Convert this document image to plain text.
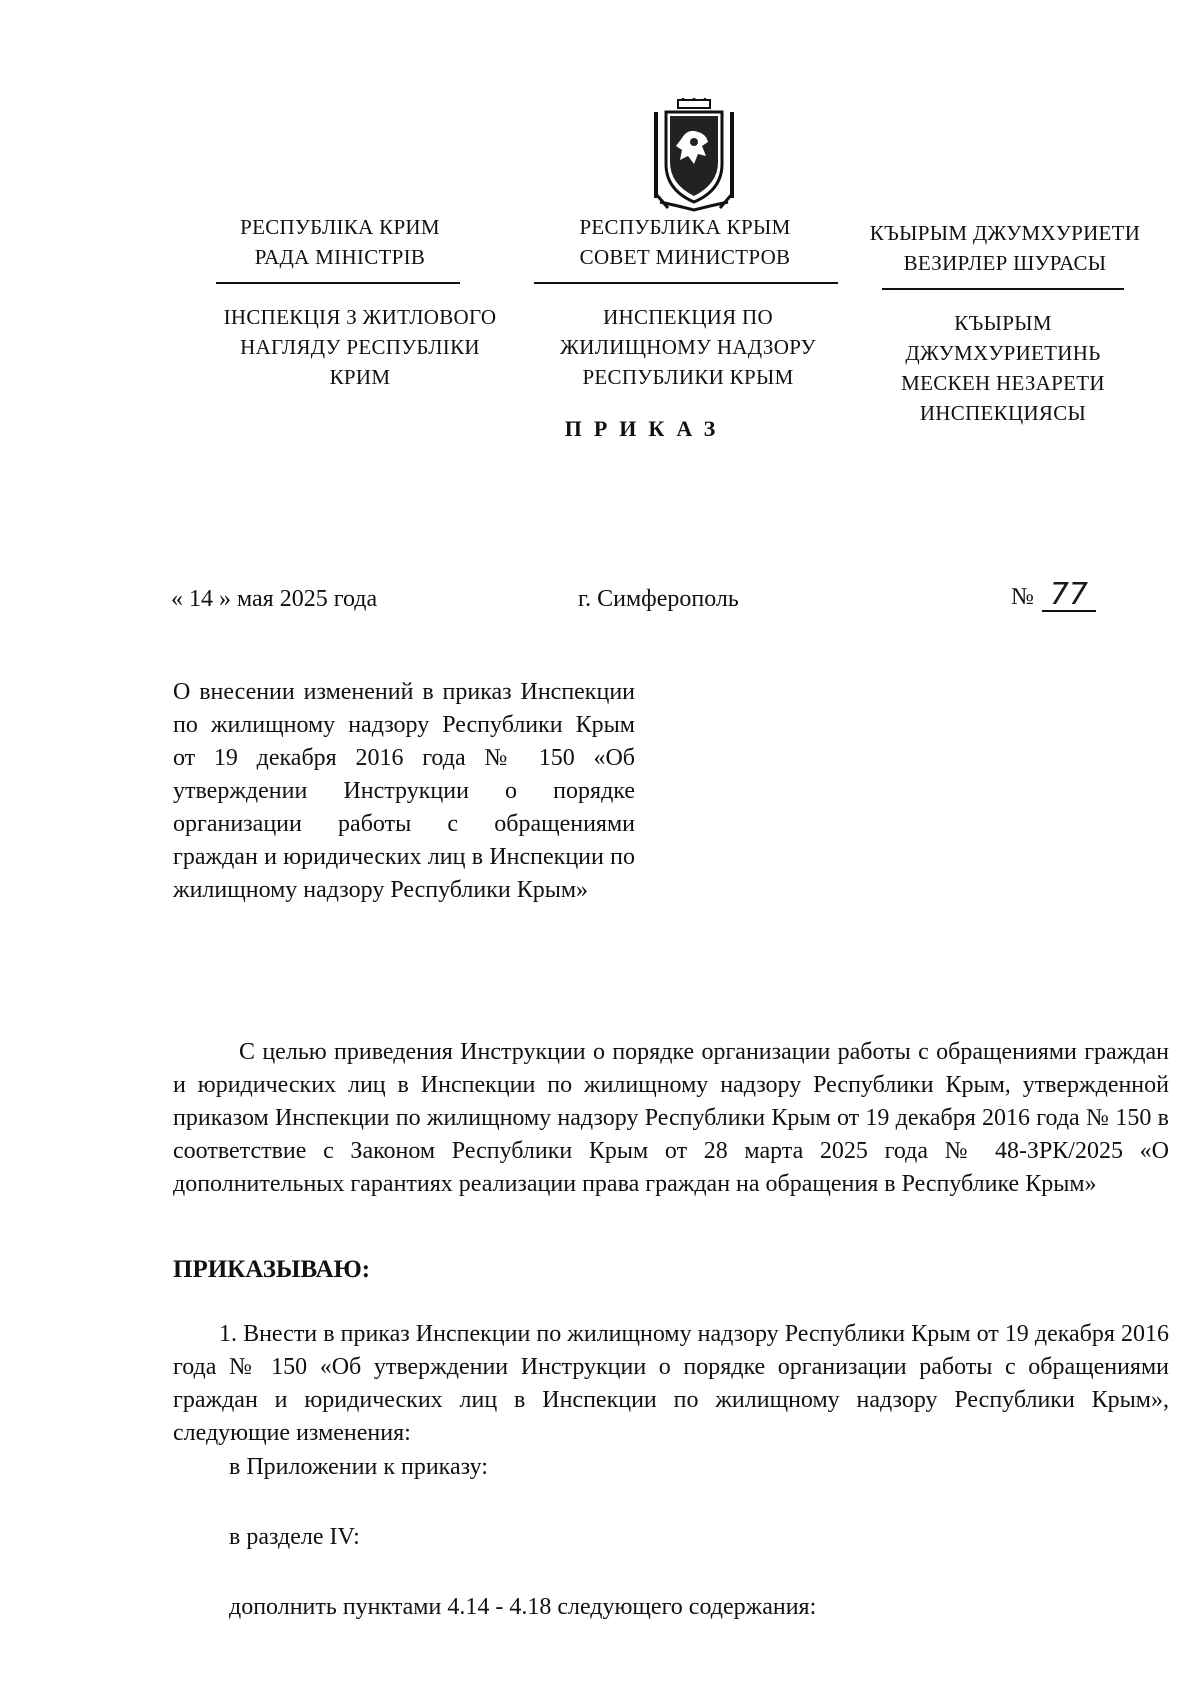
РЕСПУБЛІКА КРИМ
РАДА МІНІСТРІВ
ІНСПЕКЦІЯ З ЖИТЛОВОГО НАГЛЯДУ РЕСПУБЛІКИ КРИМ
РЕСПУБЛИКА КРЫМ
СОВЕТ МИНИСТРОВ
ИНСПЕКЦИЯ ПО ЖИЛИЩНОМУ НАДЗОРУ РЕСПУБЛИКИ КРЫМ
КЪЫРЫМ ДЖУМХУРИЕТИ
ВЕЗИРЛЕР ШУРАСЫ
КЪЫРЫМ ДЖУМХУРИЕТИНЬ МЕСКЕН НЕЗАРЕТИ ИНСПЕКЦИЯСЫ
ПРИКАЗ
« 14 » мая 2025 года	г. Симферополь	№ 77
О внесении изменений в приказ Инспекции по жилищному надзору Республики Крым от 19 декабря 2016 года № 150 «Об утверждении Инструкции о порядке организации работы с обращениями граждан и юридических лиц в Инспекции по жилищному надзору Республики Крым»
С целью приведения Инструкции о порядке организации работы с обращениями граждан и юридических лиц в Инспекции по жилищному надзору Республики Крым, утвержденной приказом Инспекции по жилищному надзору Республики Крым от 19 декабря 2016 года № 150 в соответствие с Законом Республики Крым от 28 марта 2025 года № 48-ЗРК/2025 «О дополнительных гарантиях реализации права граждан на обращения в Республике Крым»
ПРИКАЗЫВАЮ:
1. Внести в приказ Инспекции по жилищному надзору Республики Крым от 19 декабря 2016 года № 150 «Об утверждении Инструкции о порядке организации работы с обращениями граждан и юридических лиц в Инспекции по жилищному надзору Республики Крым», следующие изменения:
в Приложении к приказу:
в разделе IV:
дополнить пунктами 4.14 - 4.18 следующего содержания:
